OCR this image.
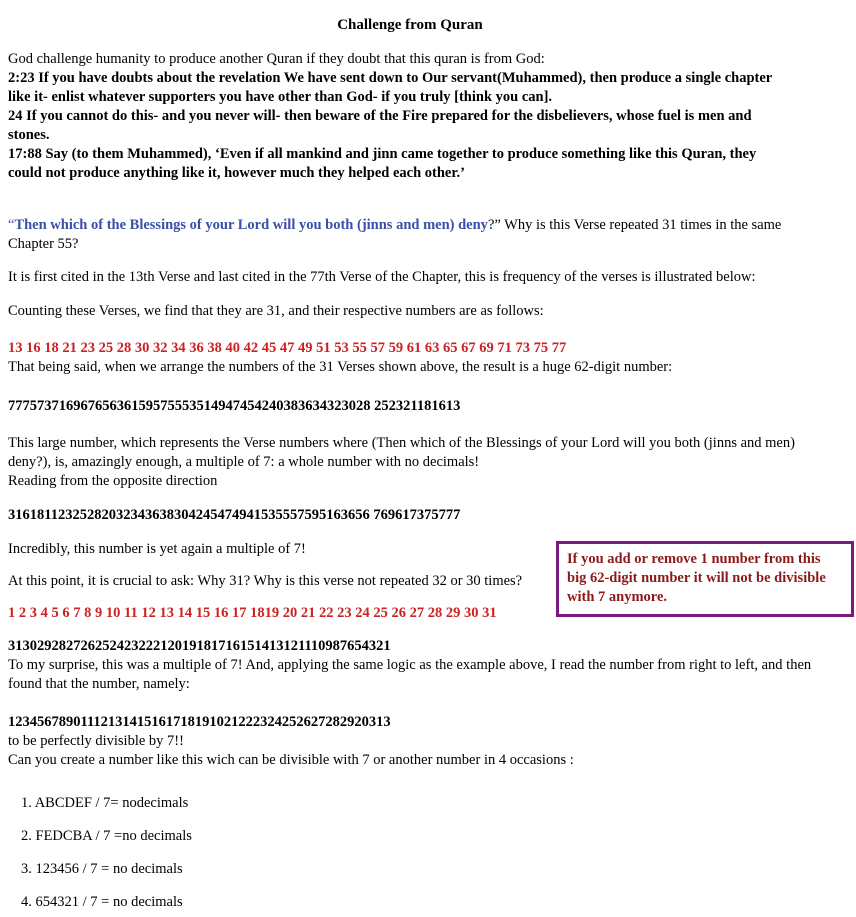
Challenge from Quran
God challenge humanity to produce another Quran if they doubt that this quran is from God:
2:23 If you have doubts about the revelation We have sent down to Our servant(Muhammed), then produce a single chapter
like it- enlist whatever supporters you have other than God- if you truly [think you can].
24 If you cannot do this- and you never will- then beware of the Fire prepared for the disbelievers, whose fuel is men and
stones.
17:88 Say (to them Muhammed), ‘Even if all mankind and jinn came together to produce something like this Quran, they
could not produce anything like it, however much they helped each other.’
“Then which of the Blessings of your Lord will you both (jinns and men) deny?” Why is this Verse repeated 31 times in the same
Chapter 55?
It is first cited in the 13th Verse and last cited in the 77th Verse of the Chapter, this is frequency of the verses is illustrated below:
Counting these Verses, we find that they are 31, and their respective numbers are as follows:
13 16 18 21 23 25 28 30 32 34 36 38 40 42 45 47 49 51 53 55 57 59 61 63 65 67 69 71 73 75 77
That being said, when we arrange the numbers of the 31 Verses shown above, the result is a huge 62-digit number:
77757371696765636159575553514947454240383634323028 252321181613
This large number, which represents the Verse numbers where (Then which of the Blessings of your Lord will you both (jinns and men)
deny?), is, amazingly enough, a multiple of 7: a whole number with no decimals!
Reading from the opposite direction
31618112325282032343638304245474941535557595163656 769617375777
Incredibly, this number is yet again a multiple of 7!
At this point, it is crucial to ask: Why 31? Why is this verse not repeated 32 or 30 times?
1 2 3 4 5 6 7 8 9 10 11 12 13 14 15 16 17 1819 20 21 22 23 24 25 26 27 28 29 30 31
If you add or remove 1 number from this big 62-digit number it will not be divisible with 7 anymore.
31302928272625242322212019181716151413121110987654321
To my surprise, this was a multiple of 7! And, applying the same logic as the example above, I read the number from right to left, and then
found that the number, namely:
12345678901112131415161718191021222324252627282920313
to be perfectly divisible by 7!!
Can you create a number like this wich can be divisible with 7 or another number in 4 occasions :
1. ABCDEF / 7= nodecimals
2. FEDCBA / 7 =no decimals
3. 123456 / 7 = no decimals
4. 654321 / 7 = no decimals
